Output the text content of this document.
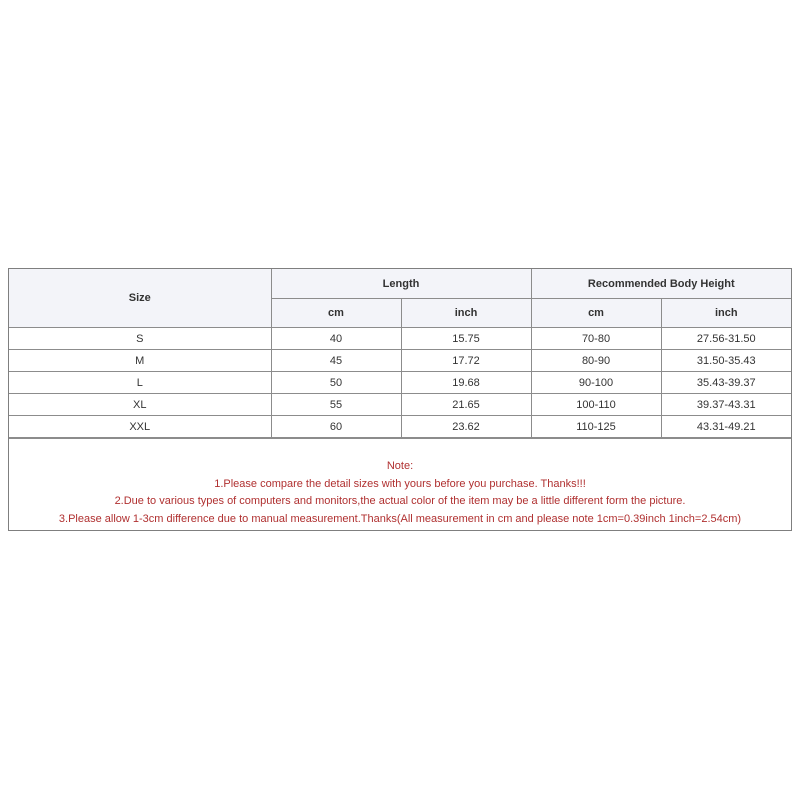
Size	Length		Recommended Body Height	
	cm	inch	cm	inch
S	40	15.75	70-80	27.56-31.50
M	45	17.72	80-90	31.50-35.43
L	50	19.68	90-100	35.43-39.37
XL	55	21.65	100-110	39.37-43.31
XXL	60	23.62	110-125	43.31-49.21
Note:
1.Please compare the detail sizes with yours before you purchase. Thanks!!!
2.Due to various types of computers and monitors,the actual color of the item may be a little different form the picture.
3.Please allow 1-3cm difference due to manual measurement.Thanks(All measurement in cm and please note 1cm=0.39inch 1inch=2.54cm)
